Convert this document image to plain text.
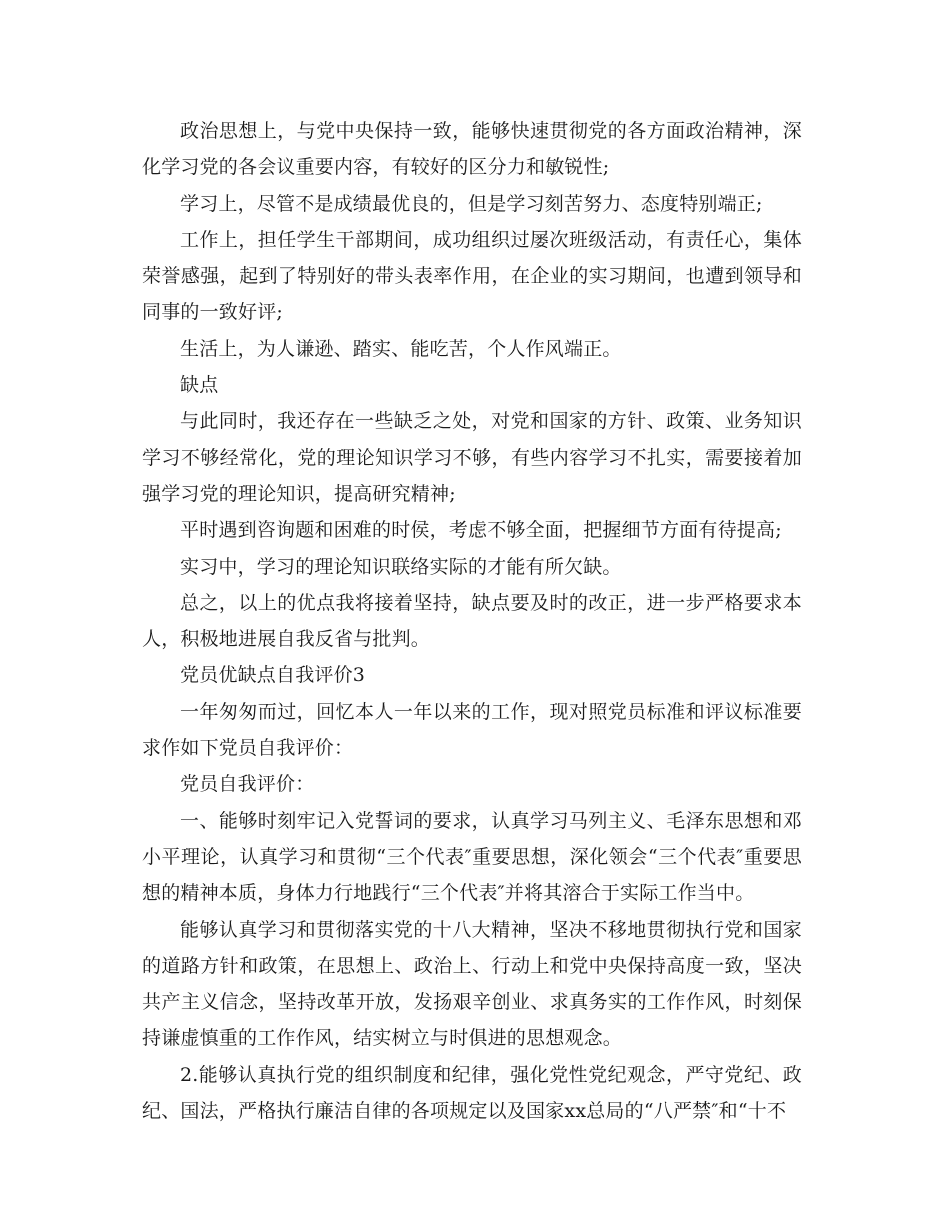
政治思想上，与党中央保持一致，能够快速贯彻党的各方面政治精神，深化学习党的各会议重要内容，有较好的区分力和敏锐性;

学习上，尽管不是成绩最优良的，但是学习刻苦努力、态度特别端正;

工作上，担任学生干部期间，成功组织过屡次班级活动，有责任心，集体荣誉感强，起到了特别好的带头表率作用，在企业的实习期间，也遭到领导和同事的一致好评;

生活上，为人谦逊、踏实、能吃苦，个人作风端正。

缺点

与此同时，我还存在一些缺乏之处，对党和国家的方针、政策、业务知识学习不够经常化，党的理论知识学习不够，有些内容学习不扎实，需要接着加强学习党的理论知识，提高研究精神;

平时遇到咨询题和困难的时侯，考虑不够全面，把握细节方面有待提高;

实习中，学习的理论知识联络实际的才能有所欠缺。

总之，以上的优点我将接着坚持，缺点要及时的改正，进一步严格要求本人，积极地进展自我反省与批判。

党员优缺点自我评价3

一年匆匆而过，回忆本人一年以来的工作，现对照党员标准和评议标准要求作如下党员自我评价：

党员自我评价：

一、能够时刻牢记入党誓词的要求，认真学习马列主义、毛泽东思想和邓小平理论，认真学习和贯彻“三个代表″重要思想，深化领会“三个代表″重要思想的精神本质，身体力行地践行“三个代表″并将其溶合于实际工作当中。

能够认真学习和贯彻落实党的十八大精神，坚决不移地贯彻执行党和国家的道路方针和政策，在思想上、政治上、行动上和党中央保持高度一致，坚决共产主义信念，坚持改革开放，发扬艰辛创业、求真务实的工作作风，时刻保持谦虚慎重的工作作风，结实树立与时俱进的思想观念。

2.能够认真执行党的组织制度和纪律，强化党性党纪观念，严守党纪、政纪、国法，严格执行廉洁自律的各项规定以及国家xx总局的“八严禁″和“十不
